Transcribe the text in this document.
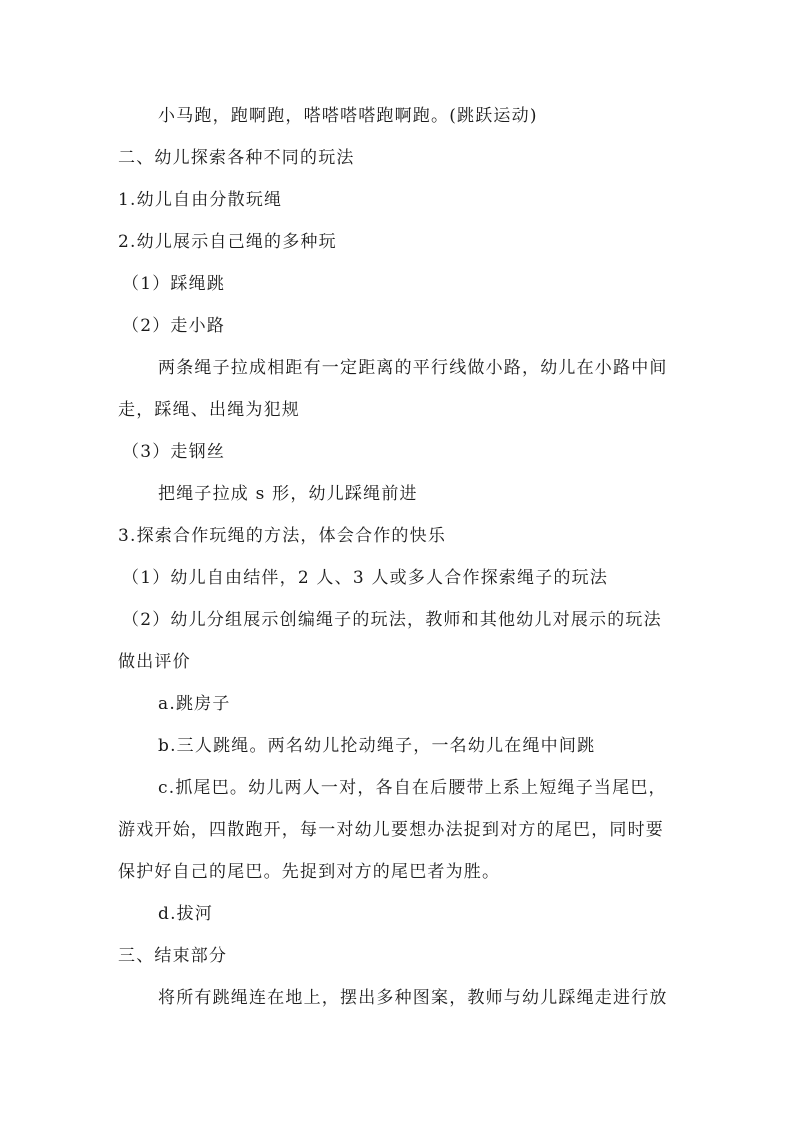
小马跑，跑啊跑，嗒嗒嗒嗒跑啊跑。(跳跃运动)
二、幼儿探索各种不同的玩法
1.幼儿自由分散玩绳
2.幼儿展示自己绳的多种玩
（1）踩绳跳
（2）走小路
两条绳子拉成相距有一定距离的平行线做小路，幼儿在小路中间
走，踩绳、出绳为犯规
（3）走钢丝
把绳子拉成 s 形，幼儿踩绳前进
3.探索合作玩绳的方法，体会合作的快乐
（1）幼儿自由结伴，2 人、3 人或多人合作探索绳子的玩法
（2）幼儿分组展示创编绳子的玩法，教师和其他幼儿对展示的玩法
做出评价
a.跳房子
b.三人跳绳。两名幼儿抡动绳子，一名幼儿在绳中间跳
c.抓尾巴。幼儿两人一对，各自在后腰带上系上短绳子当尾巴，
游戏开始，四散跑开，每一对幼儿要想办法捉到对方的尾巴，同时要
保护好自己的尾巴。先捉到对方的尾巴者为胜。
d.拔河
三、结束部分
将所有跳绳连在地上，摆出多种图案，教师与幼儿踩绳走进行放
